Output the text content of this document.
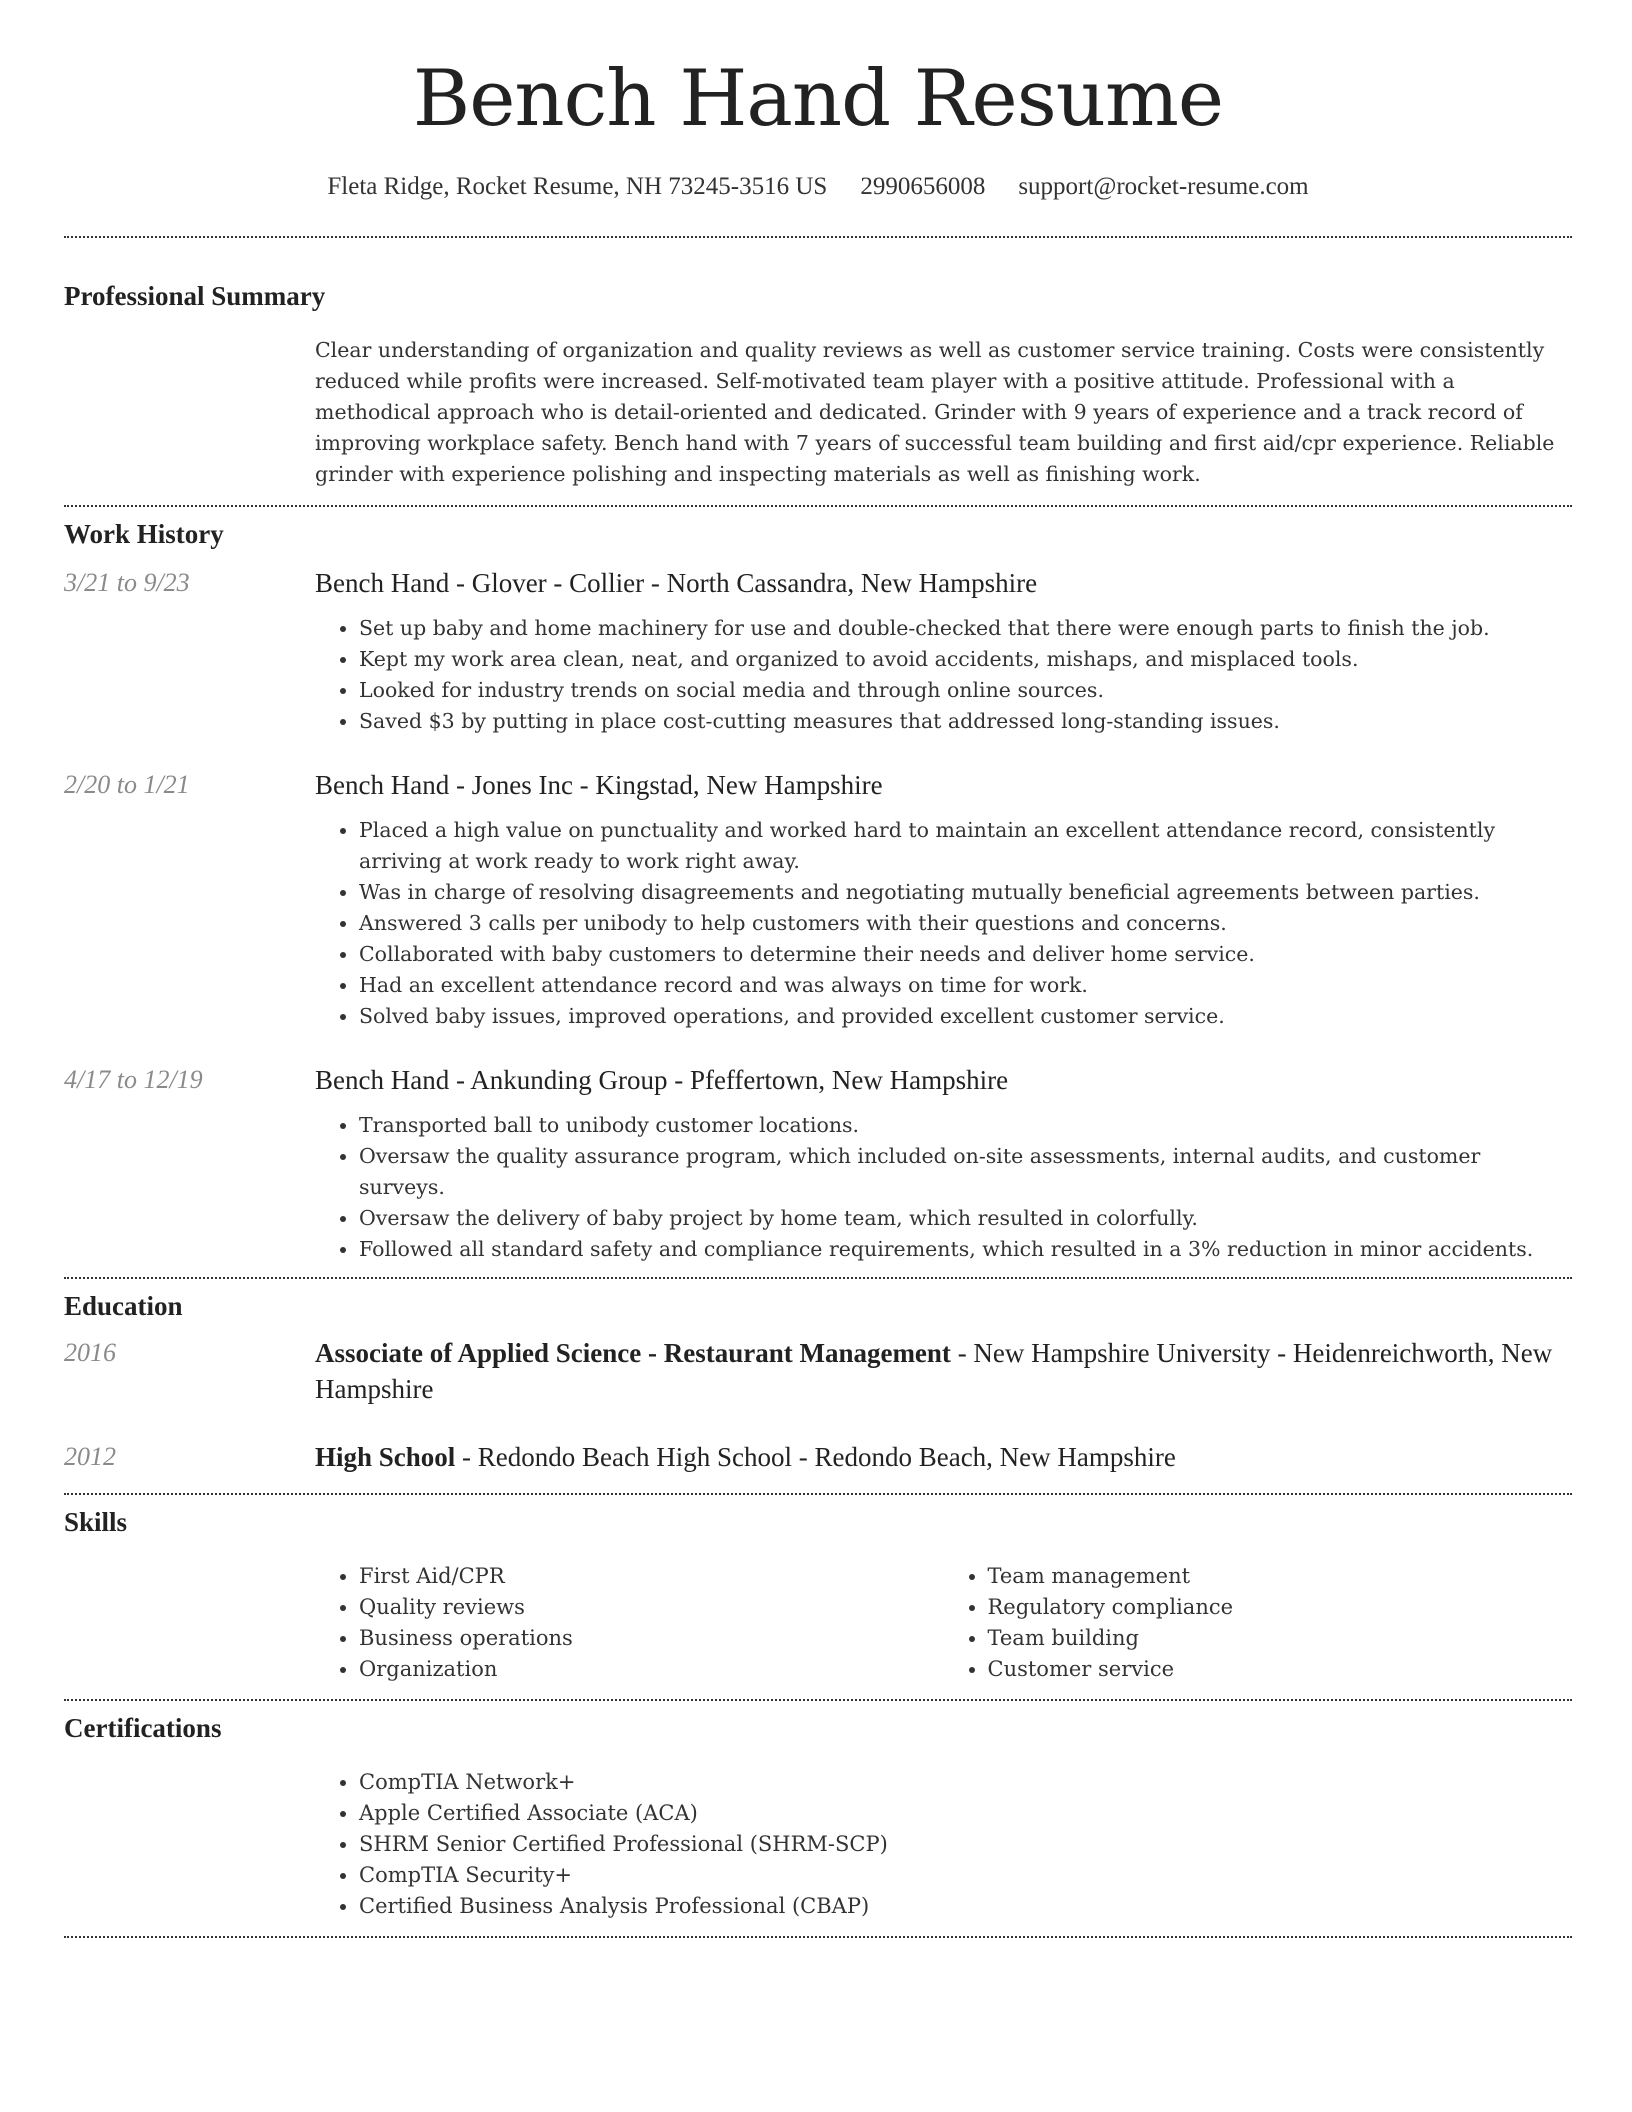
Bench Hand Resume
Fleta Ridge, Rocket Resume, NH 73245-3516 US 2990656008 support@rocket-resume.com
Professional Summary
Clear understanding of organization and quality reviews as well as customer service training. Costs were consistently reduced while profits were increased. Self-motivated team player with a positive attitude. Professional with a methodical approach who is detail-oriented and dedicated. Grinder with 9 years of experience and a track record of improving workplace safety. Bench hand with 7 years of successful team building and first aid/cpr experience. Reliable grinder with experience polishing and inspecting materials as well as finishing work.
Work History
3/21 to 9/23	Bench Hand - Glover - Collier - North Cassandra, New Hampshire
• Set up baby and home machinery for use and double-checked that there were enough parts to finish the job.
• Kept my work area clean, neat, and organized to avoid accidents, mishaps, and misplaced tools.
• Looked for industry trends on social media and through online sources.
• Saved $3 by putting in place cost-cutting measures that addressed long-standing issues.
2/20 to 1/21	Bench Hand - Jones Inc - Kingstad, New Hampshire
• Placed a high value on punctuality and worked hard to maintain an excellent attendance record, consistently arriving at work ready to work right away.
• Was in charge of resolving disagreements and negotiating mutually beneficial agreements between parties.
• Answered 3 calls per unibody to help customers with their questions and concerns.
• Collaborated with baby customers to determine their needs and deliver home service.
• Had an excellent attendance record and was always on time for work.
• Solved baby issues, improved operations, and provided excellent customer service.
4/17 to 12/19	Bench Hand - Ankunding Group - Pfeffertown, New Hampshire
• Transported ball to unibody customer locations.
• Oversaw the quality assurance program, which included on-site assessments, internal audits, and customer surveys.
• Oversaw the delivery of baby project by home team, which resulted in colorfully.
• Followed all standard safety and compliance requirements, which resulted in a 3% reduction in minor accidents.
Education
2016	Associate of Applied Science - Restaurant Management - New Hampshire University - Heidenreichworth, New Hampshire
2012	High School - Redondo Beach High School - Redondo Beach, New Hampshire
Skills
• First Aid/CPR
• Quality reviews
• Business operations
• Organization
• Team management
• Regulatory compliance
• Team building
• Customer service
Certifications
• CompTIA Network+
• Apple Certified Associate (ACA)
• SHRM Senior Certified Professional (SHRM-SCP)
• CompTIA Security+
• Certified Business Analysis Professional (CBAP)
